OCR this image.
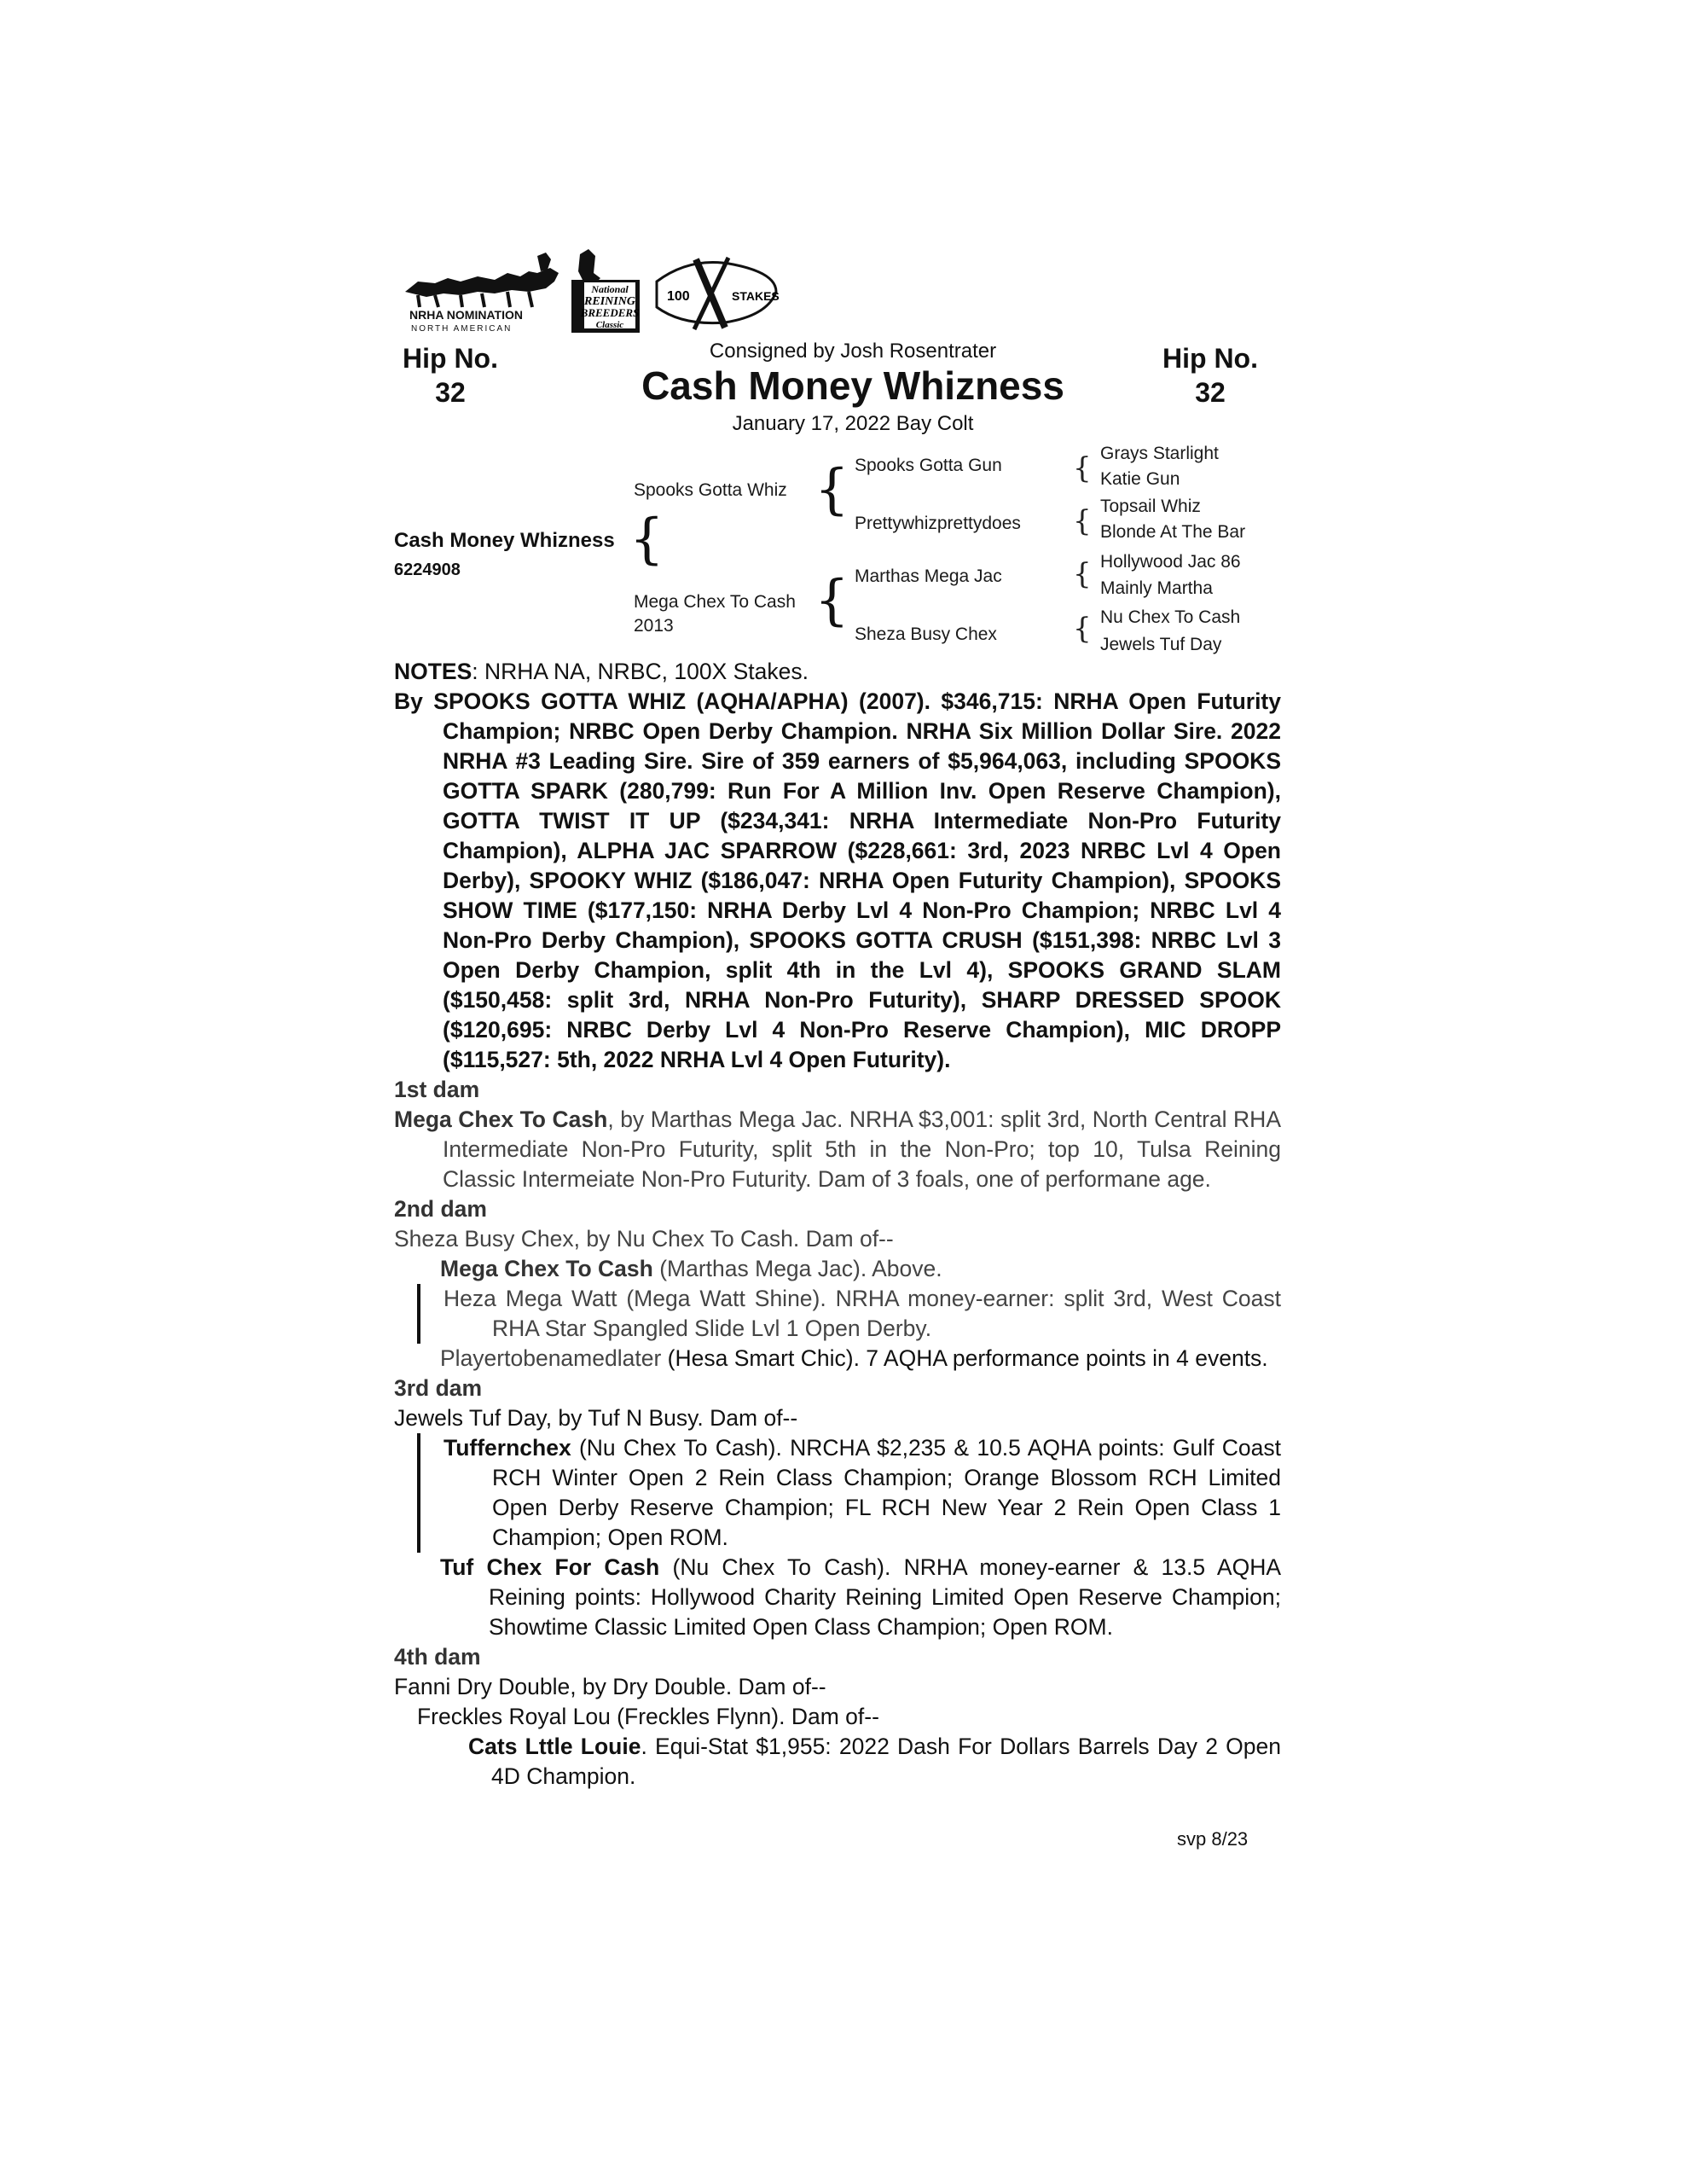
NRHA NOMINATION
NORTH AMERICAN
National
REINING
BREEDERS
Classic
100	STAKES
Hip No.
32
Hip No.
32
Consigned by Josh Rosentrater
Cash Money Whizness
January 17, 2022 Bay Colt
Cash Money Whizness
6224908	{
Spooks Gotta Whiz
Mega Chex To Cash
2013
{
{
Spooks Gotta Gun
Prettywhizprettydoes
Marthas Mega Jac
Sheza Busy Chex
{
{
{
{
Grays Starlight
Katie Gun
Topsail Whiz
Blonde At The Bar
Hollywood Jac 86
Mainly Martha
Nu Chex To Cash
Jewels Tuf Day

NOTES: NRHA NA, NRBC, 100X Stakes.

By SPOOKS GOTTA WHIZ (AQHA/APHA) (2007). $346,715: NRHA Open Futurity Champion; NRBC Open Derby Champion. NRHA Six Million Dollar Sire. 2022 NRHA #3 Leading Sire. Sire of 359 earners of $5,964,063, including SPOOKS GOTTA SPARK (280,799: Run For A Million Inv. Open Reserve Champion), GOTTA TWIST IT UP ($234,341: NRHA Intermediate Non-Pro Futurity Champion), ALPHA JAC SPARROW ($228,661: 3rd, 2023 NRBC Lvl 4 Open Derby), SPOOKY WHIZ ($186,047: NRHA Open Futurity Champion), SPOOKS SHOW TIME ($177,150: NRHA Derby Lvl 4 Non-Pro Champion; NRBC Lvl 4 Non-Pro Derby Champion), SPOOKS GOTTA CRUSH ($151,398: NRBC Lvl 3 Open Derby Champion, split 4th in the Lvl 4), SPOOKS GRAND SLAM ($150,458: split 3rd, NRHA Non-Pro Futurity), SHARP DRESSED SPOOK ($120,695: NRBC Derby Lvl 4 Non-Pro Reserve Champion), MIC DROPP ($115,527: 5th, 2022 NRHA Lvl 4 Open Futurity).

1st dam

Mega Chex To Cash, by Marthas Mega Jac. NRHA $3,001: split 3rd, North Central RHA Intermediate Non-Pro Futurity, split 5th in the Non-Pro; top 10, Tulsa Reining Classic Intermeiate Non-Pro Futurity. Dam of 3 foals, one of performane age.

2nd dam

Sheza Busy Chex, by Nu Chex To Cash. Dam of--

Mega Chex To Cash (Marthas Mega Jac). Above.

Heza Mega Watt (Mega Watt Shine). NRHA money-earner: split 3rd, West Coast RHA Star Spangled Slide Lvl 1 Open Derby.

Playertobenamedlater (Hesa Smart Chic). 7 AQHA performance points in 4 events.

3rd dam

Jewels Tuf Day, by Tuf N Busy. Dam of--

Tuffernchex (Nu Chex To Cash). NRCHA $2,235 & 10.5 AQHA points: Gulf Coast RCH Winter Open 2 Rein Class Champion; Orange Blossom RCH Limited Open Derby Reserve Champion; FL RCH New Year 2 Rein Open Class 1 Champion; Open ROM.

Tuf Chex For Cash (Nu Chex To Cash). NRHA money-earner & 13.5 AQHA Reining points: Hollywood Charity Reining Limited Open Reserve Champion; Showtime Classic Limited Open Class Champion; Open ROM.

4th dam

Fanni Dry Double, by Dry Double. Dam of--

Freckles Royal Lou (Freckles Flynn). Dam of--

Cats Lttle Louie. Equi-Stat $1,955: 2022 Dash For Dollars Barrels Day 2 Open 4D Champion.

svp 8/23
